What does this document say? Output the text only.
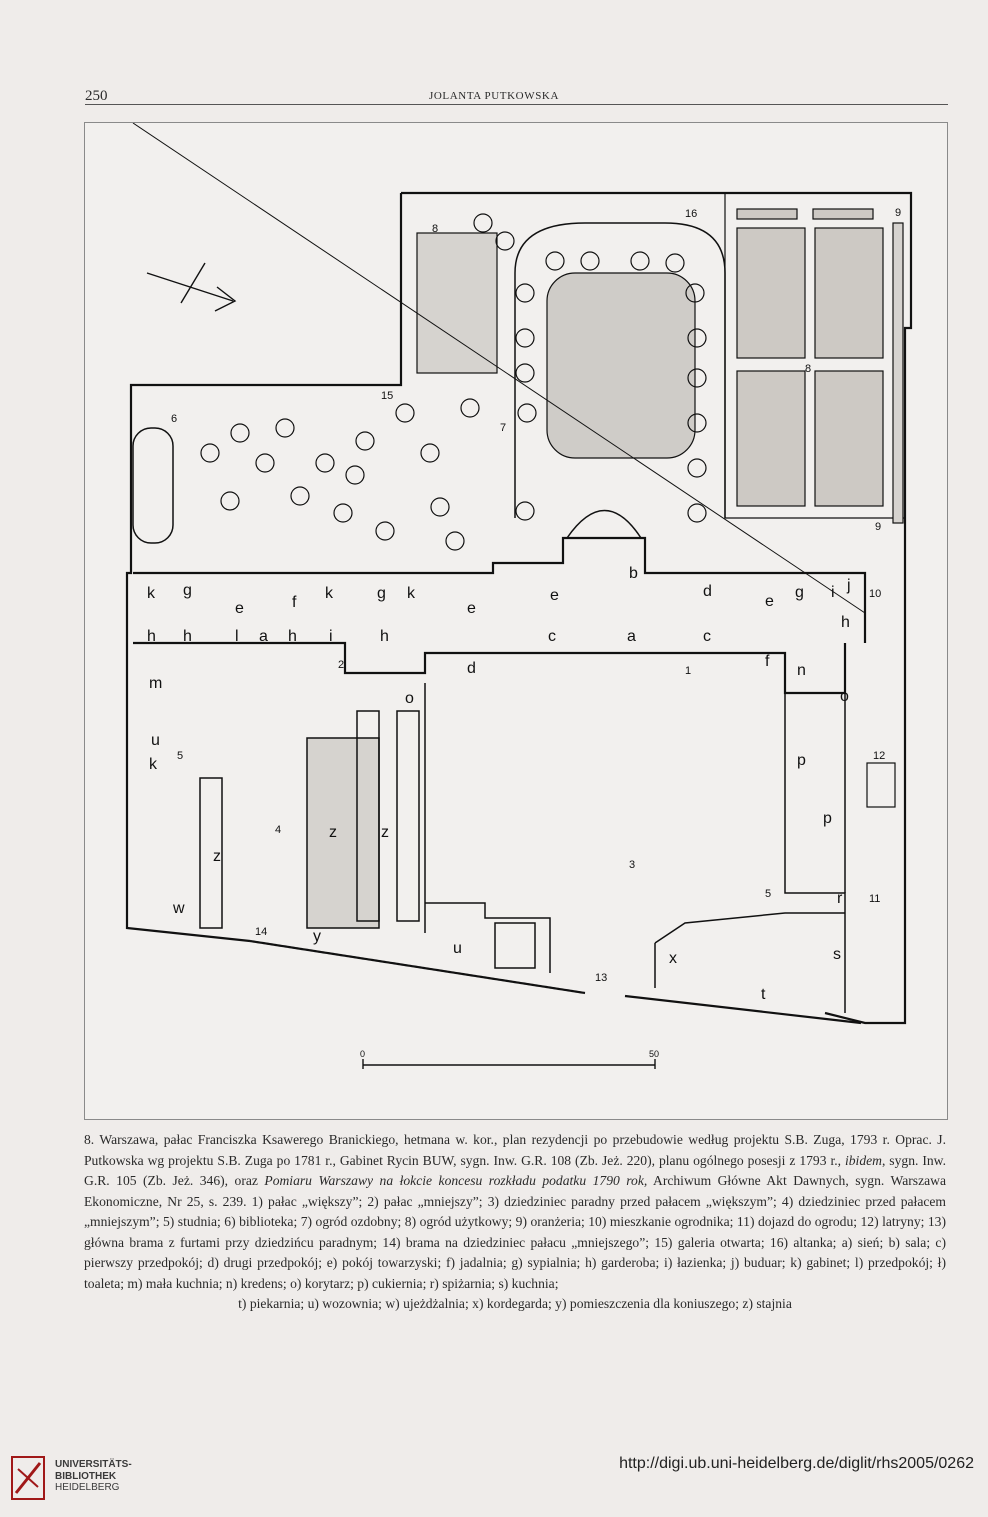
250	JOLANTA PUTKOWSKA
k g	k	g k
e	f	e
e
b
d
e
g i j
h h	l a h i	h	c	a	c
h
m
d	f
n
o	o
u
k	p
p
z
z	z
r
w
y
u
x	s
t
1
2
3
4
5
5
6
7
8
8
9
9
10
11
12
13
14
15
16
0	50
8. Warszawa, pałac Franciszka Ksawerego Branickiego, hetmana w. kor., plan rezydencji po przebudowie według projektu S.B. Zuga, 1793 r. Oprac. J. Putkowska wg projektu S.B. Zuga po 1781 r., Gabinet Rycin BUW, sygn. Inw. G.R. 108 (Zb. Jeż. 220), planu ogólnego posesji z 1793 r., ibidem, sygn. Inw. G.R. 105 (Zb. Jeż. 346), oraz Pomiaru Warszawy na łokcie koncesu rozkładu podatku 1790 rok, Archiwum Główne Akt Dawnych, sygn. Warszawa Ekonomiczne, Nr 25, s. 239. 1) pałac „większy”; 2) pałac „mniejszy”; 3) dziedziniec paradny przed pałacem „większym”; 4) dziedziniec przed pałacem „mniejszym”; 5) studnia; 6) biblioteka; 7) ogród ozdobny; 8) ogród użytkowy; 9) oranżeria; 10) mieszkanie ogrodnika; 11) dojazd do ogrodu; 12) latryny; 13) główna brama z furtami przy dziedzińcu paradnym; 14) brama na dziedziniec pałacu „mniejszego”; 15) galeria otwarta; 16) altanka; a) sień; b) sala; c) pierwszy przedpokój; d) drugi przedpokój; e) pokój towarzyski; f) jadalnia; g) sypialnia; h) garderoba; i) łazienka; j) buduar; k) gabinet; l) przedpokój; ł) toaleta; m) mała kuchnia; n) kredens; o) korytarz; p) cukiernia; r) spiżarnia; s) kuchnia;
t) piekarnia; u) wozownia; w) ujeżdżalnia; x) kordegarda; y) pomieszczenia dla koniuszego; z) stajnia
UNIVERSITÄTS-
BIBLIOTHEK
HEIDELBERG
http://digi.ub.uni-heidelberg.de/diglit/rhs2005/0262
